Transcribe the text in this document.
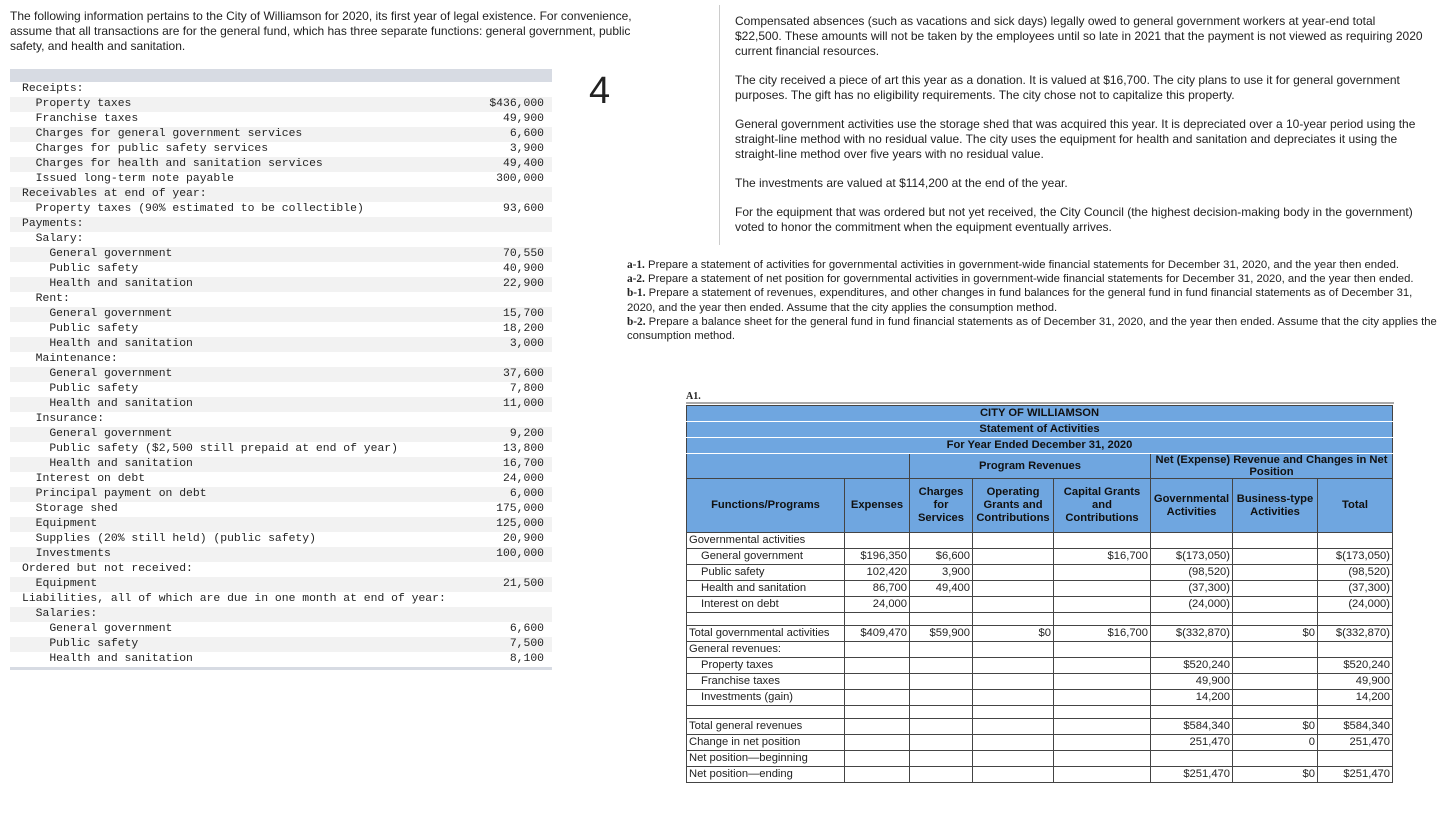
The following information pertains to the City of Williamson for 2020, its first year of legal existence. For convenience, assume that all transactions are for the general fund, which has three separate functions: general government, public safety, and health and sanitation.
Receipts:
Property taxes	$436,000
Franchise taxes	49,900
Charges for general government services	6,600
Charges for public safety services	3,900
Charges for health and sanitation services	49,400
Issued long-term note payable	300,000
Receivables at end of year:
Property taxes (90% estimated to be collectible)	93,600
Payments:
Salary:
General government	70,550
Public safety	40,900
Health and sanitation	22,900
Rent:
General government	15,700
Public safety	18,200
Health and sanitation	3,000
Maintenance:
General government	37,600
Public safety	7,800
Health and sanitation	11,000
Insurance:
General government	9,200
Public safety ($2,500 still prepaid at end of year)	13,800
Health and sanitation	16,700
Interest on debt	24,000
Principal payment on debt	6,000
Storage shed	175,000
Equipment	125,000
Supplies (20% still held) (public safety)	20,900
Investments	100,000
Ordered but not received:
Equipment	21,500
Liabilities, all of which are due in one month at end of year:
Salaries:
General government	6,600
Public safety	7,500
Health and sanitation	8,100
4

Compensated absences (such as vacations and sick days) legally owed to general government workers at year-end total $22,500. These amounts will not be taken by the employees until so late in 2021 that the payment is not viewed as requiring 2020 current financial resources.

The city received a piece of art this year as a donation. It is valued at $16,700. The city plans to use it for general government purposes. The gift has no eligibility requirements. The city chose not to capitalize this property.

General government activities use the storage shed that was acquired this year. It is depreciated over a 10-year period using the straight-line method with no residual value. The city uses the equipment for health and sanitation and depreciates it using the straight-line method over five years with no residual value.

The investments are valued at $114,200 at the end of the year.

For the equipment that was ordered but not yet received, the City Council (the highest decision-making body in the government) voted to honor the commitment when the equipment eventually arrives.

a-1. Prepare a statement of activities for governmental activities in government-wide financial statements for December 31, 2020, and the year then ended.

a-2. Prepare a statement of net position for governmental activities in government-wide financial statements for December 31, 2020, and the year then ended.

b-1. Prepare a statement of revenues, expenditures, and other changes in fund balances for the general fund in fund financial statements as of December 31, 2020, and the year then ended. Assume that the city applies the consumption method.

b-2. Prepare a balance sheet for the general fund in fund financial statements as of December 31, 2020, and the year then ended. Assume that the city applies the consumption method.

A1.
CITY OF WILLIAMSON							
Statement of Activities							
For Year Ended December 31, 2020							
		Program Revenues			Net (Expense) Revenue and Changes in Net Position		
Functions/Programs	Expenses	Charges for Services	Operating Grants and Contributions	Capital Grants and Contributions	Governmental Activities	Business-type Activities	Total
Governmental activities							
General government	$196,350	$6,600		$16,700	$(173,050)		$(173,050)
Public safety	102,420	3,900			(98,520)		(98,520)
Health and sanitation	86,700	49,400			(37,300)		(37,300)
Interest on debt	24,000				(24,000)		(24,000)

Total governmental activities	$409,470	$59,900	$0	$16,700	$(332,870)	$0	$(332,870)
General revenues:							
Property taxes					$520,240		$520,240
Franchise taxes					49,900		49,900
Investments (gain)					14,200		14,200

Total general revenues					$584,340	$0	$584,340
Change in net position					251,470	0	251,470
Net position—beginning							
Net position—ending					$251,470	$0	$251,470
